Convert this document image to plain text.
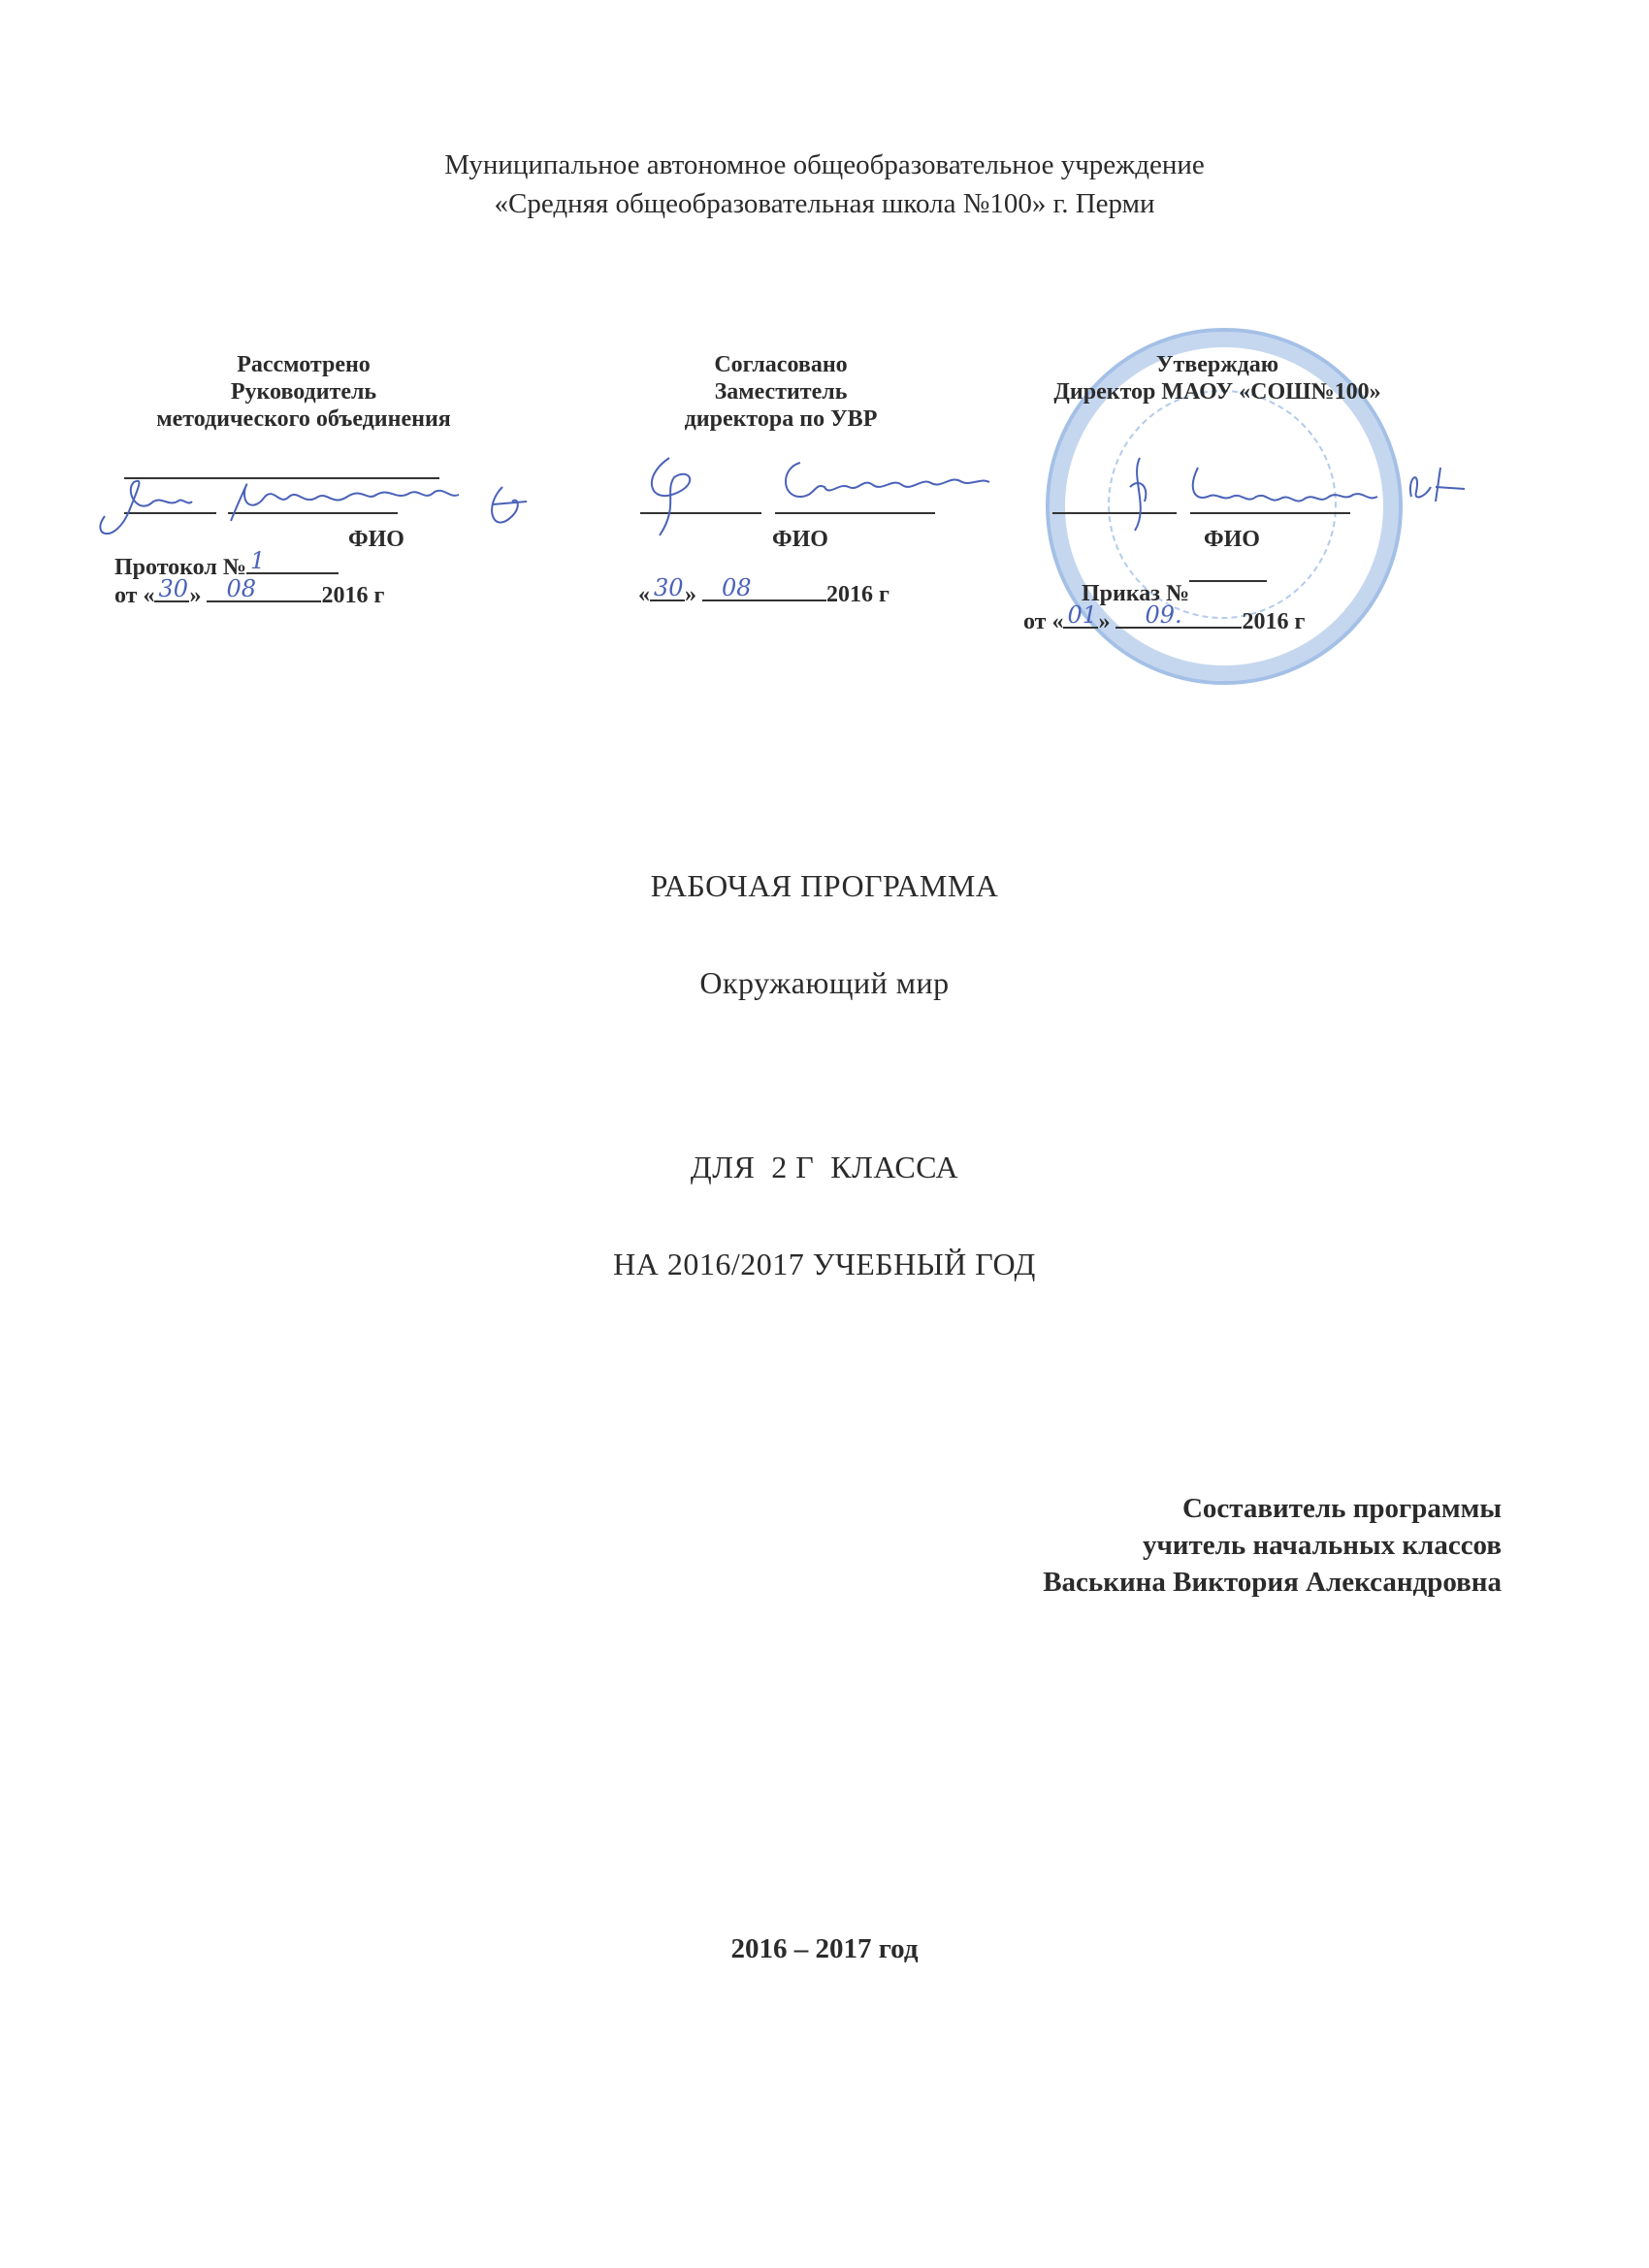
Муниципальное автономное общеобразовательное учреждение
«Средняя общеобразовательная школа №100» г. Перми
Рассмотрено
Руководитель
методического объединения

ФИО
Протокол № 1
от « 30 » 08	2016 г
Согласовано
Заместитель
директора по УВР

ФИО
« 30 » 08	2016 г
Утверждаю
Директор МАОУ «СОШ№100»

ФИО
Приказ №
от « 01 » 09.	2016 г
РАБОЧАЯ ПРОГРАММА
Окружающий мир
ДЛЯ  2 Г  КЛАССА
НА 2016/2017 УЧЕБНЫЙ ГОД
Составитель программы
учитель начальных классов
Васькина Виктория Александровна
2016 – 2017 год
